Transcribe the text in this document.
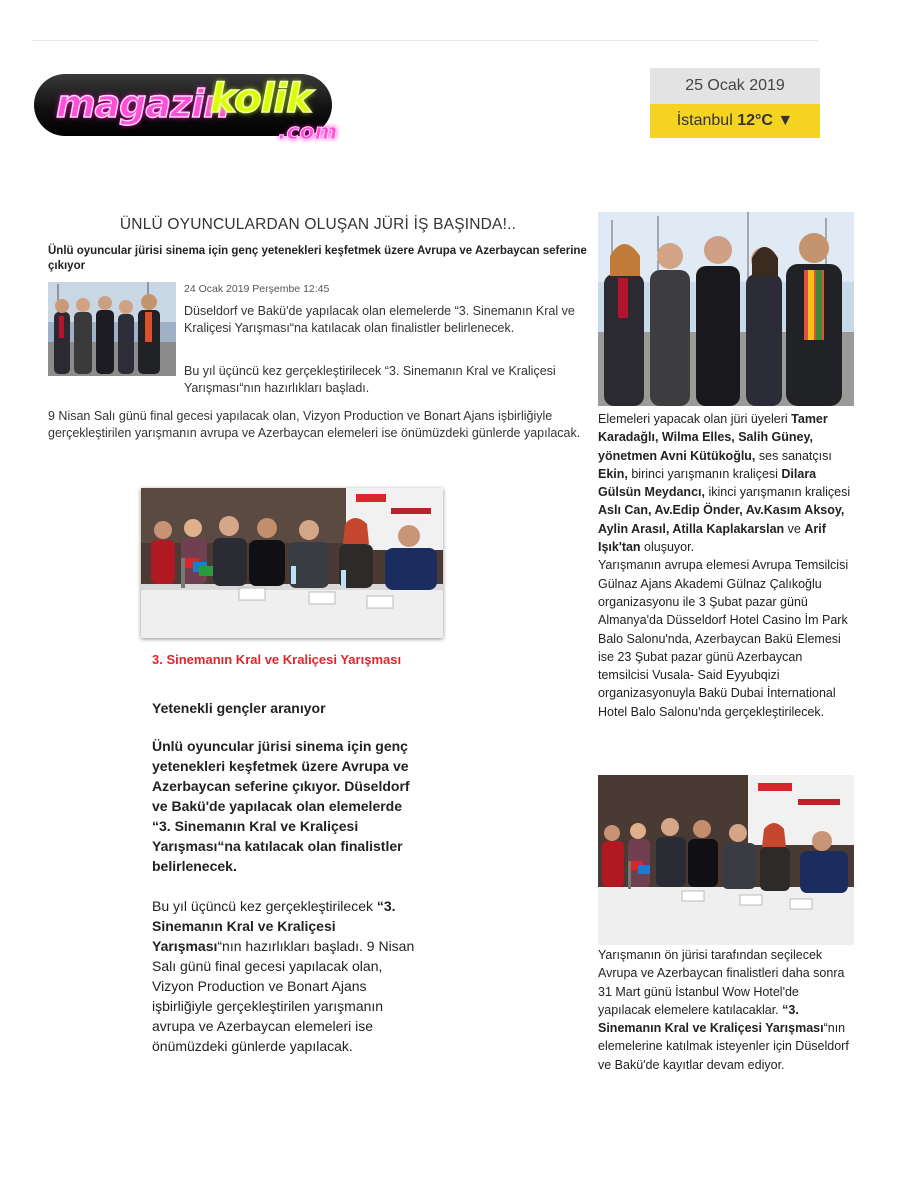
magazin
kolik
.com
25 Ocak 2019
İstanbul 12°C ▼
ÜNLÜ OYUNCULARDAN OLUŞAN JÜRİ İŞ BAŞINDA!..
Ünlü oyuncular jürisi sinema için genç yetenekleri keşfetmek üzere Avrupa ve Azerbaycan seferine çıkıyor
24 Ocak 2019 Perşembe 12:45

Düseldorf ve Bakü'de yapılacak olan elemelerde “3. Sinemanın Kral ve Kraliçesi Yarışması“na katılacak olan finalistler belirlenecek.

Bu yıl üçüncü kez gerçekleştirilecek “3. Sinemanın Kral ve Kraliçesi Yarışması“nın hazırlıkları başladı.

9 Nisan Salı günü final gecesi yapılacak olan, Vizyon Production ve Bonart Ajans işbirliğiyle gerçekleştirilen yarışmanın avrupa ve Azerbaycan elemeleri ise önümüzdeki günlerde yapılacak.

3. Sinemanın Kral ve Kraliçesi Yarışması

Yetenekli gençler aranıyor

Ünlü oyuncular jürisi sinema için genç yetenekleri keşfetmek üzere Avrupa ve Azerbaycan seferine çıkıyor. Düseldorf ve Bakü'de yapılacak olan elemelerde “3. Sinemanın Kral ve Kraliçesi Yarışması“na katılacak olan finalistler belirlenecek.

Bu yıl üçüncü kez gerçekleştirilecek “3. Sinemanın Kral ve Kraliçesi Yarışması“nın hazırlıkları başladı. 9 Nisan Salı günü final gecesi yapılacak olan, Vizyon Production ve Bonart Ajans işbirliğiyle gerçekleştirilen yarışmanın avrupa ve Azerbaycan elemeleri ise önümüzdeki günlerde yapılacak.

Elemeleri yapacak olan jüri üyeleri Tamer Karadağlı, Wilma Elles, Salih Güney, yönetmen Avni Kütükoğlu, ses sanatçısı Ekin, birinci yarışmanın kraliçesi Dilara Gülsün Meydancı, ikinci yarışmanın kraliçesi Aslı Can, Av.Edip Önder, Av.Kasım Aksoy, Aylin Arasıl, Atilla Kaplakarslan ve Arif Işık'tan oluşuyor.
Yarışmanın avrupa elemesi Avrupa Temsilcisi Gülnaz Ajans Akademi Gülnaz Çalıkoğlu organizasyonu ile 3 Şubat pazar günü Almanya'da Düsseldorf Hotel Casino İm Park Balo Salonu'nda, Azerbaycan Bakü Elemesi ise 23 Şubat pazar günü Azerbaycan temsilcisi Vusala- Said Eyyubqizi organizasyonuyla Bakü Dubai İnternational Hotel Balo Salonu'nda gerçekleştirilecek.
Yarışmanın ön jürisi tarafından seçilecek Avrupa ve Azerbaycan finalistleri daha sonra 31 Mart günü İstanbul Wow Hotel'de yapılacak elemelere katılacaklar. “3. Sinemanın Kral ve Kraliçesi Yarışması“nın elemelerine katılmak isteyenler için Düseldorf ve Bakü'de kayıtlar devam ediyor.
